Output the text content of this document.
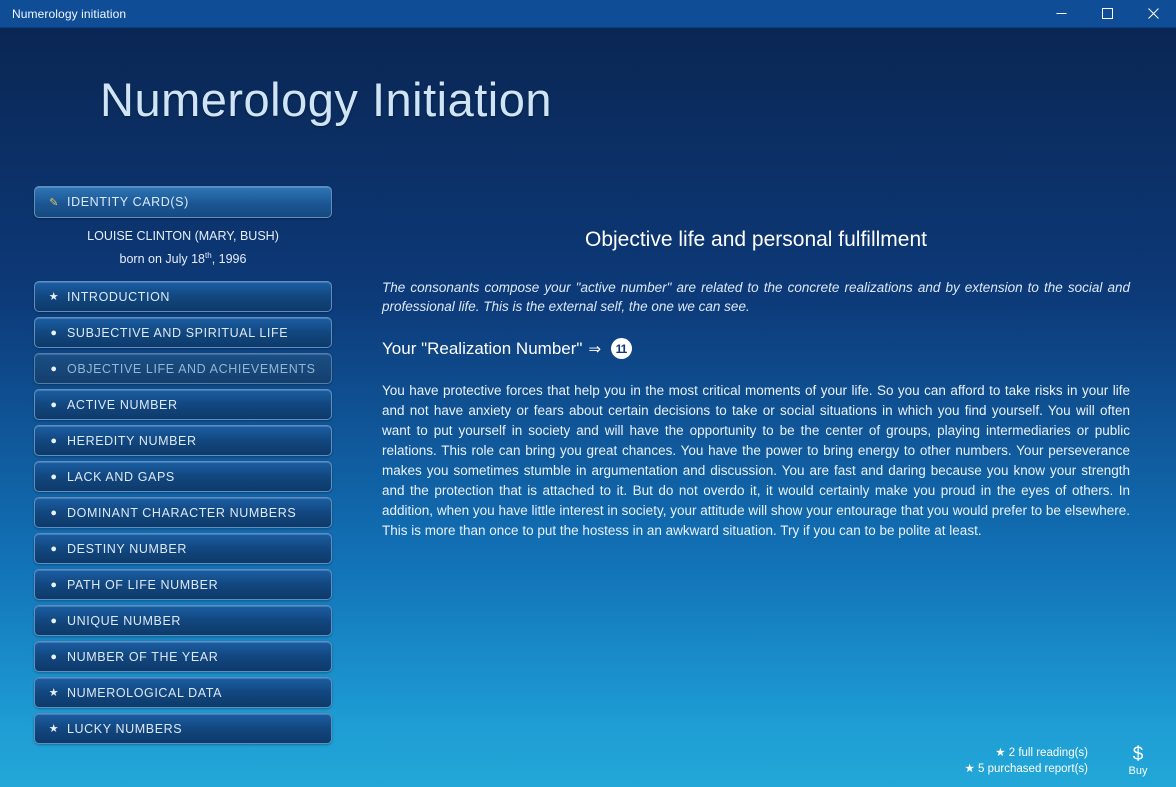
Numerology initiation
Numerology Initiation
✎ IDENTITY CARD(S)
LOUISE CLINTON (MARY, BUSH)
born on July 18th, 1996
★ INTRODUCTION
● SUBJECTIVE AND SPIRITUAL LIFE
● OBJECTIVE LIFE AND ACHIEVEMENTS
● ACTIVE NUMBER
● HEREDITY NUMBER
● LACK AND GAPS
● DOMINANT CHARACTER NUMBERS
● DESTINY NUMBER
● PATH OF LIFE NUMBER
● UNIQUE NUMBER
● NUMBER OF THE YEAR
★ NUMEROLOGICAL DATA
★ LUCKY NUMBERS
Objective life and personal fulfillment
The consonants compose your "active number" are related to the concrete realizations and by extension to the social and professional life. This is the external self, the one we can see.
Your "Realization Number" ⇒	11
You have protective forces that help you in the most critical moments of your life. So you can afford to take risks in your life and not have anxiety or fears about certain decisions to take or social situations in which you find yourself. You will often want to put yourself in society and will have the opportunity to be the center of groups, playing intermediaries or public relations. This role can bring you great chances. You have the power to bring energy to other numbers. Your perseverance makes you sometimes stumble in argumentation and discussion. You are fast and daring because you know your strength and the protection that is attached to it. But do not overdo it, it would certainly make you proud in the eyes of others. In addition, when you have little interest in society, your attitude will show your entourage that you would prefer to be elsewhere. This is more than once to put the hostess in an awkward situation. Try if you can to be polite at least.
★ 2 full reading(s)
★ 5 purchased report(s)
$
Buy
